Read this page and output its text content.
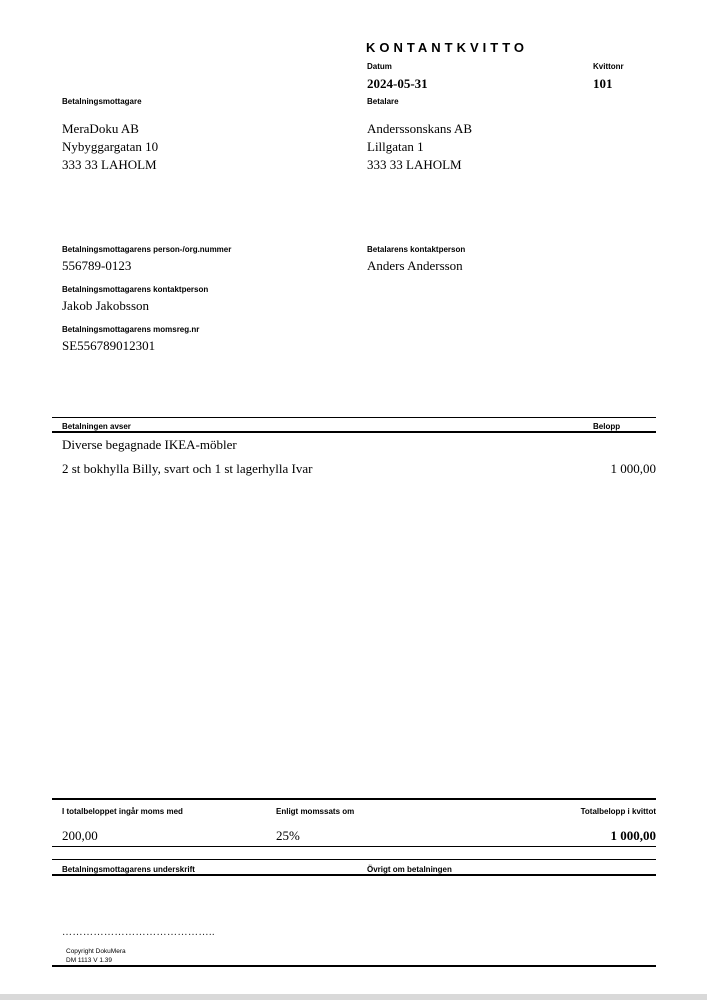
KONTANTKVITTO
Datum
2024-05-31
Kvittonr
101
Betalningsmottagare
MeraDoku AB
Nybyggargatan 10
333 33 LAHOLM
Betalare
Anderssonskans AB
Lillgatan 1
333 33 LAHOLM
Betalningsmottagarens person-/org.nummer
556789-0123
Betalarens kontaktperson
Anders Andersson
Betalningsmottagarens kontaktperson
Jakob Jakobsson
Betalningsmottagarens momsreg.nr
SE556789012301
Betalningen avser	Belopp
Diverse begagnade IKEA-möbler
2 st bokhylla Billy, svart och 1 st lagerhylla Ivar	1 000,00
I totalbeloppet ingår moms med	Enligt momssats om	Totalbelopp i kvittot
200,00	25%	1 000,00
Betalningsmottagarens underskrift	Övrigt om betalningen
……………………………………..
Copyright DokuMera
DM 1113 V 1.39
